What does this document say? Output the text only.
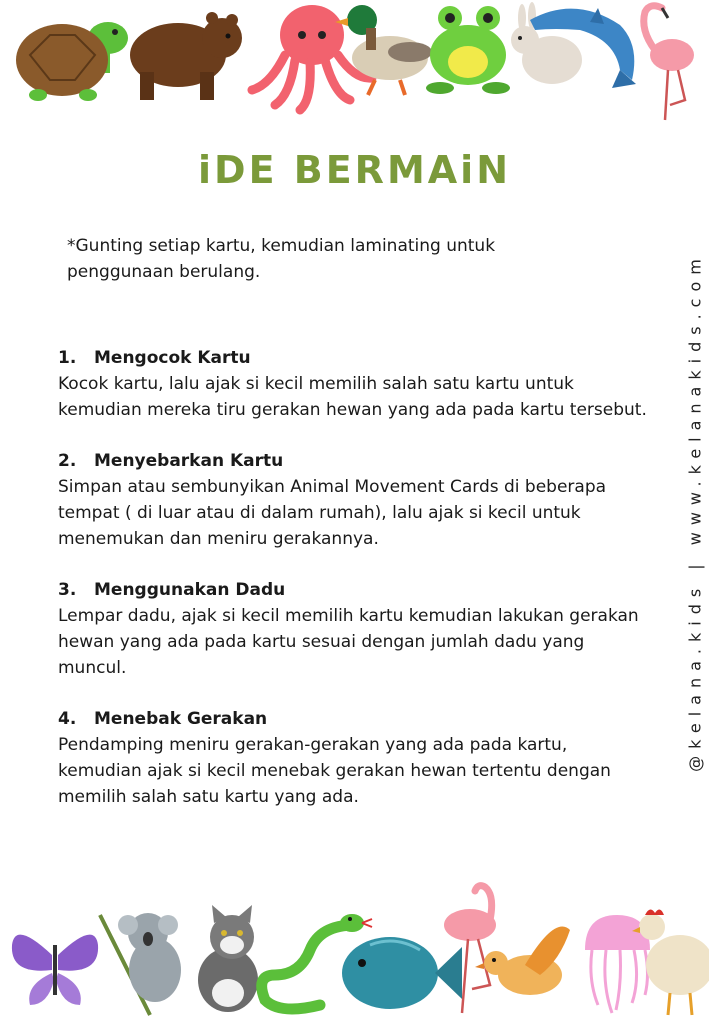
iDE BERMAiN

*Gunting setiap kartu, kemudian laminating untuk penggunaan berulang.

1. Mengocok Kartu

Kocok kartu, lalu ajak si kecil memilih salah satu kartu untuk kemudian mereka tiru gerakan hewan yang ada pada kartu tersebut.

2. Menyebarkan Kartu

Simpan atau sembunyikan Animal Movement Cards di beberapa tempat ( di luar atau di dalam rumah), lalu ajak si kecil untuk menemukan dan meniru gerakannya.

3. Menggunakan Dadu

Lempar dadu, ajak si kecil memilih kartu kemudian lakukan gerakan hewan yang ada pada kartu sesuai dengan jumlah dadu yang muncul.

4. Menebak Gerakan

Pendamping meniru gerakan-gerakan yang ada pada kartu, kemudian ajak si kecil menebak gerakan hewan tertentu dengan memilih salah satu kartu yang ada.

@kelana.kids | www.kelanakids.com
